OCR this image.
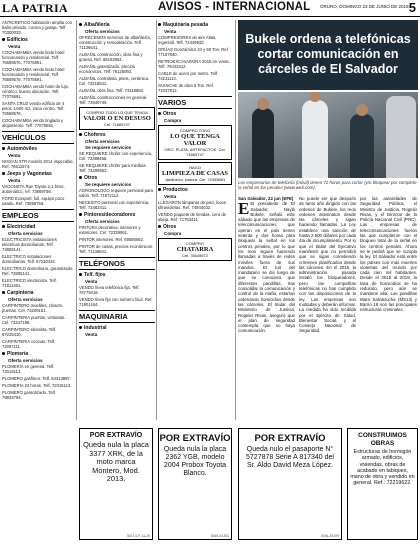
LA PATRIA	AVISOS - INTERNACIONAL ORURO, DOMINGO 23 DE JUNIO DE 2019 5
ANTICRETICO habitación amplia con baño privado, cocina y garaje. Telf. 70300033.
Edificios
Venta
COCHABAMBA vendo lindo hotel funcionando y residencial. Telf. 76588576, 77075691.
COCHABAMBA vendo lindo hotel funcionando y residencial. Telf. 76588576, 77075691.
COCHABAMBA vendo hotel de lujo, céntrico, buena ubicación. Telf. 77075691.
SANTA CRUZ vendo edificio de 4 pisos 1,600 m2, zona centro. Telf. 76588576.
COCHABAMBA vendo tinglado y alojamiento. Telf. 77075691.
VEHÍCULOS
Automóviles
Venta
NISSAN XTR modelo 2014 impecable. Ref. 76511574.
Jeeps y Vagonetas
Venta
VAGONETA Rav Toyota 2,1 litros, automático, ref. 73869756.
FORD Ecosport, full, equipo poco usado. Ref. 73869756.
EMPLEOS
Electricidad
Oferta servicios
ELECTRICISTA instalaciones eléctricas domiciliarias. Telf. 73806141.
ELECTRICO instalaciones domiciliarias. Telf. 67230432.
ELECTRICO domiciliario, garantizado. Ref. 73806141.
ELECTRICO electricista. Telf. 71811451.
Carpintería
Oferta servicios
CARPINTERO muebles, closets, puertas. Cel. 73209151.
CARPINTERIA puertas, ventanas. Cel. 72347186.
CARPINTERO ebanista. Telf. 67225410.
CARPINTERIA cocinas. Telf. 72097111.
Plomería
Oferta servicios
PLOMERIA en general. Telf. 72015113.
PLOMERO gasfitero. Telf. 64413887.
PLOMERIA 24 horas. Telf. 72015113.
PLOMERO garantizado. Telf. 79834784.
Albañilería
Oferta servicios
OFRECEMOS servicios de albañilería, construcción y remodelación. Telf. 71136641.
ALBAÑIL construcción, obra fina y gruesa. Ref. 68153954.
ALBAÑIL garantizado, precios económicos. Telf. 76125093.
ALBAÑIL contratista, pisos, cerámica. Cel. 73218841.
ALBAÑIL obra fina. Telf. 73118893.
ALBAÑIL construcciones en general. Telf. 73849749.
COMPRO TODO LO QUE TENGA
VALOR O EN DESUSO
Cel. 71869747
Choferes
Oferta servicios
Se requiere servicios
SE REQUIERE chofer con experiencia, Cel. 72398456.
SE REQUIERE chofer para minibús. Telf. 74289553.
Otros
Se requiere servicios
AGRONOLOGO requiere personal para salón. Telf. 71872112.
NECESITO personal con experiencia. Telf. 72462411.
Pintores/decoradores
Oferta servicios
PINTURA decorativa, interiores y exteriores. Cel. 72339951.
PINTOR interiores. Ref. 69580562.
PINTOR de casas, precios económicos. Telf. 71136641.
TELÉFONOS
Telf. fijos
Venta
VENDO línea telefónica fija. Telf. 76779418.
VENDO línea fija con número fácil. Ref. 71801164.
MAQUINARIA
Industrial
Venta
Maquinaria pesada
Venta
COMPRESORES de aire Atlas, Ingersoll. Telf. 72449933.
GRÚAS Gonzamilco 24 y 60 Ton. Ref. 77157840.
RETROEXCAVADORA 2015 en venta. Telf. 76443312.
CABLE de acero por metro. Telf. 74211113.
GUINCHE de obra 6 Ton. Ref. 72337812.
VARIOS
Otros
Compra
COMPRO TODO
LO QUE TENGA VALOR
ORO, PLATA, ARTEFACTOS. Cel. 71869747
HAGO
LIMPIEZA DE CASAS
Jardinería, pintura. Cel. 72345681
Productos
Venta
LLEGARON lámparas de piso, luces ultravioletas. Ref. 74944032.
VENDO paquete de tiendas, cera de abeja. Ref. 71763411.
Otros
Compra
COMPRO
CHATARRA
Cel. 78645672
Bukele ordena a telefónicas cortar comunicación en cárceles de El Salvador
Los empresarios de telefonía (móvil) tienen 72 horas para cortar (y/o bloquear por completo la señal en los penales (www.web.com).
San Salvador, 22 jun (EFE)
E El presidente de El Salvador, Nayib Bukele, señaló este sábado que las empresas de telecomunicaciones que operan en el país tienen setenta y dos horas para bloquear la señal en los centros penales, por lo que los reos siguen haciendo llamadas a través de redes móviles fuera de sus mandos. El tuit del mandatario se dio luego de que se conociera que diferentes pandillas, tras consolidar la comunicación y control de la mafia, estarían ordenando homicidios desde las cárceles. El titular del Ministerio de Justicia, Rogelio Rivas, aseguró que el plan de seguridad contempla que no haya comunicación.
No puede ser que después de tanto año dirigido con las ordenes de Bukele, los reos ordenen asesinatos desde las cárceles y sigan haciendo llamadas. La Ley establece una sanción de hasta 2.500 dólares por cada día de incumplimiento. Por lo que el titular del Ejecutivo manifestó que no permitirá que se sigan cometiendo crímenes planificados desde las cárceles. En el 2016, la administración pasada instaló los bloqueadores, pero las compañías telefónicas no han cumplido con las disposiciones de la ley. Las empresas son multadas y deberán informar. La medida ha sido recibida por el Ejército de Salud, Bienestar Social, y el Consejo Nacional de Seguridad.
por las autoridades de Seguridad Pública, el Ministro de Justicia, Rogelio Rivas, y el Director de la Policía Nacional Civil (PNC). Las empresas de telecomunicaciones fueron las que cumplieron con el bloqueo total de la señal en los centros penales. Ahora se le pedirá que se cumpla la ley. El Salvador está entre los países con más muertes violentas del mundo por cada cien mil habitantes. Desde el 2015 al 2019, la tasa de homicidios se ha reducido, pero aún se mantiene alta. Las pandillas Mara Salvatrucha (MS13) y Barrio 18 son las principales estructuras criminales.
POR EXTRAVÍO
Queda nula la placa 3377 XRK, de la moto marca Montero, Mod. 2013.
3017-0-F-11-20
POR EXTRAVÍO
Queda nula la placa 2362 YGB, modelo 2004 Probox Toyota Blanco.
3016-31-ED
POR EXTRAVÍO
Queda nulo el pasaporte N° 5727878 Serie A 817340 del Sr. Aldo David Meza López.
3016-29-ER
CONSTRUIMOS OBRAS
Estructuras de hormigón armado, edificios, viviendas, obras de acabado en tabiques, mano de obra y vendido en general. Ref.: 72219622.
